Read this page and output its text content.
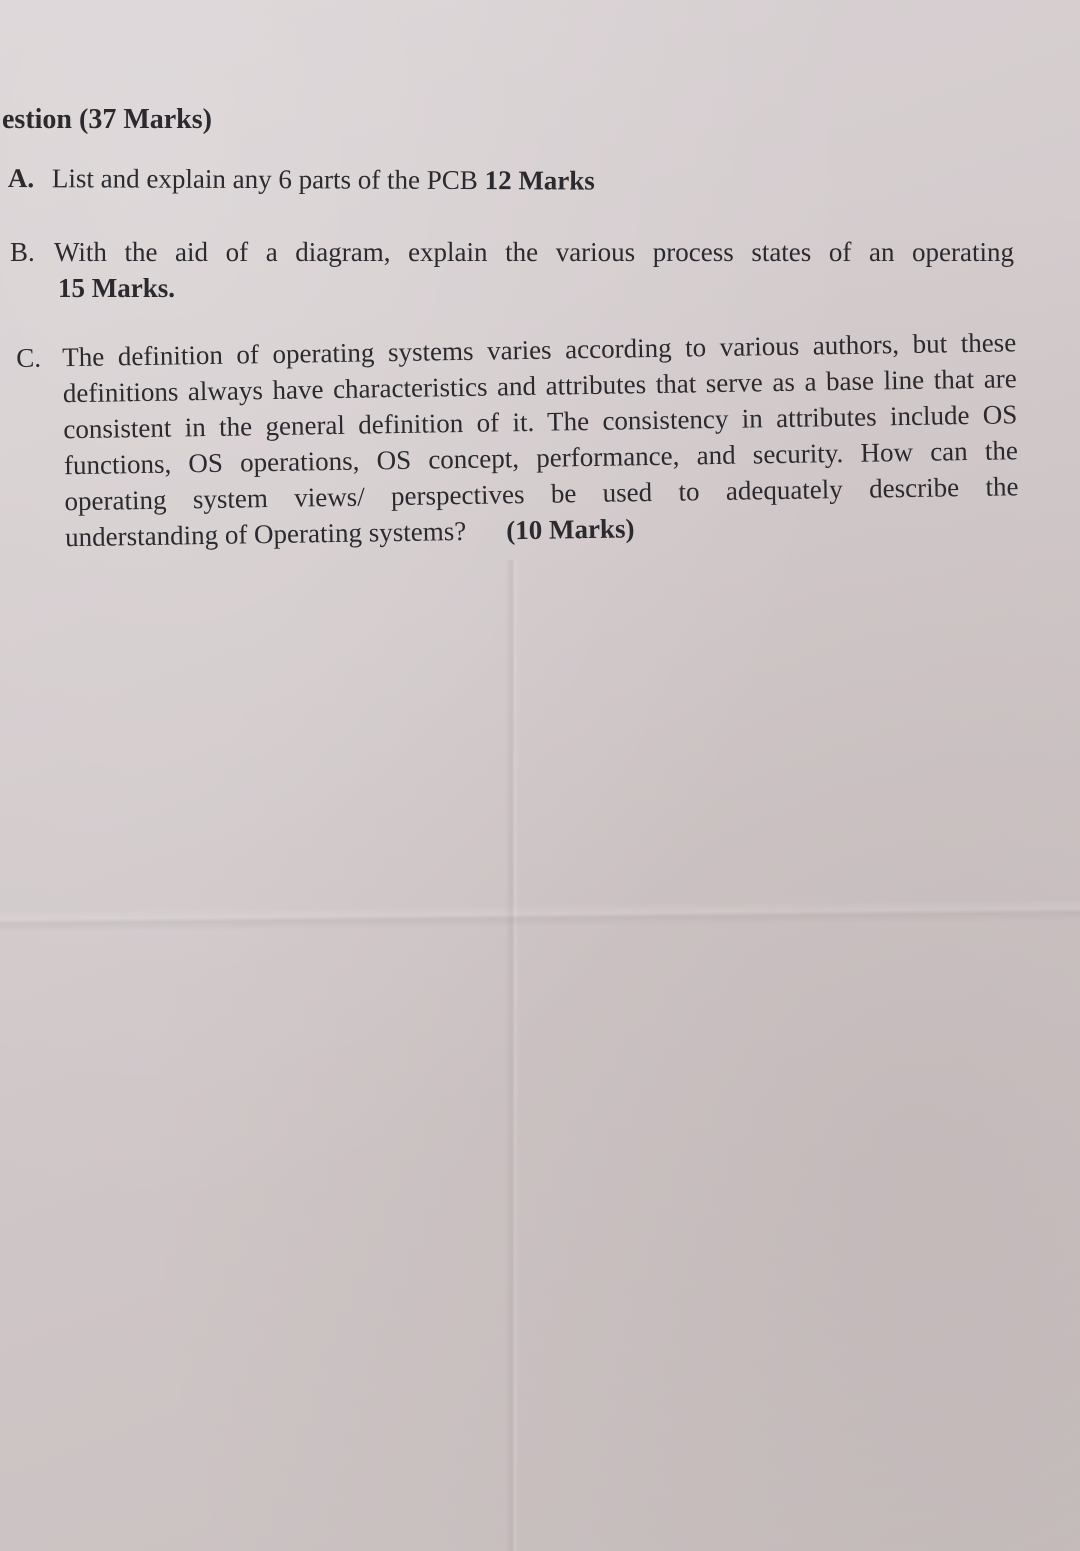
estion (37 Marks)
A. List and explain any 6 parts of the PCB 12 Marks
B. With the aid of a diagram, explain the various process states of an operating
15 Marks.
C. The definition of operating systems varies according to various authors, but these
definitions always have characteristics and attributes that serve as a base line that are
consistent in the general definition of it. The consistency in attributes include OS
functions, OS operations, OS concept, performance, and security. How can the
operating system views/ perspectives be used to adequately describe the
understanding of Operating systems? (10 Marks)
